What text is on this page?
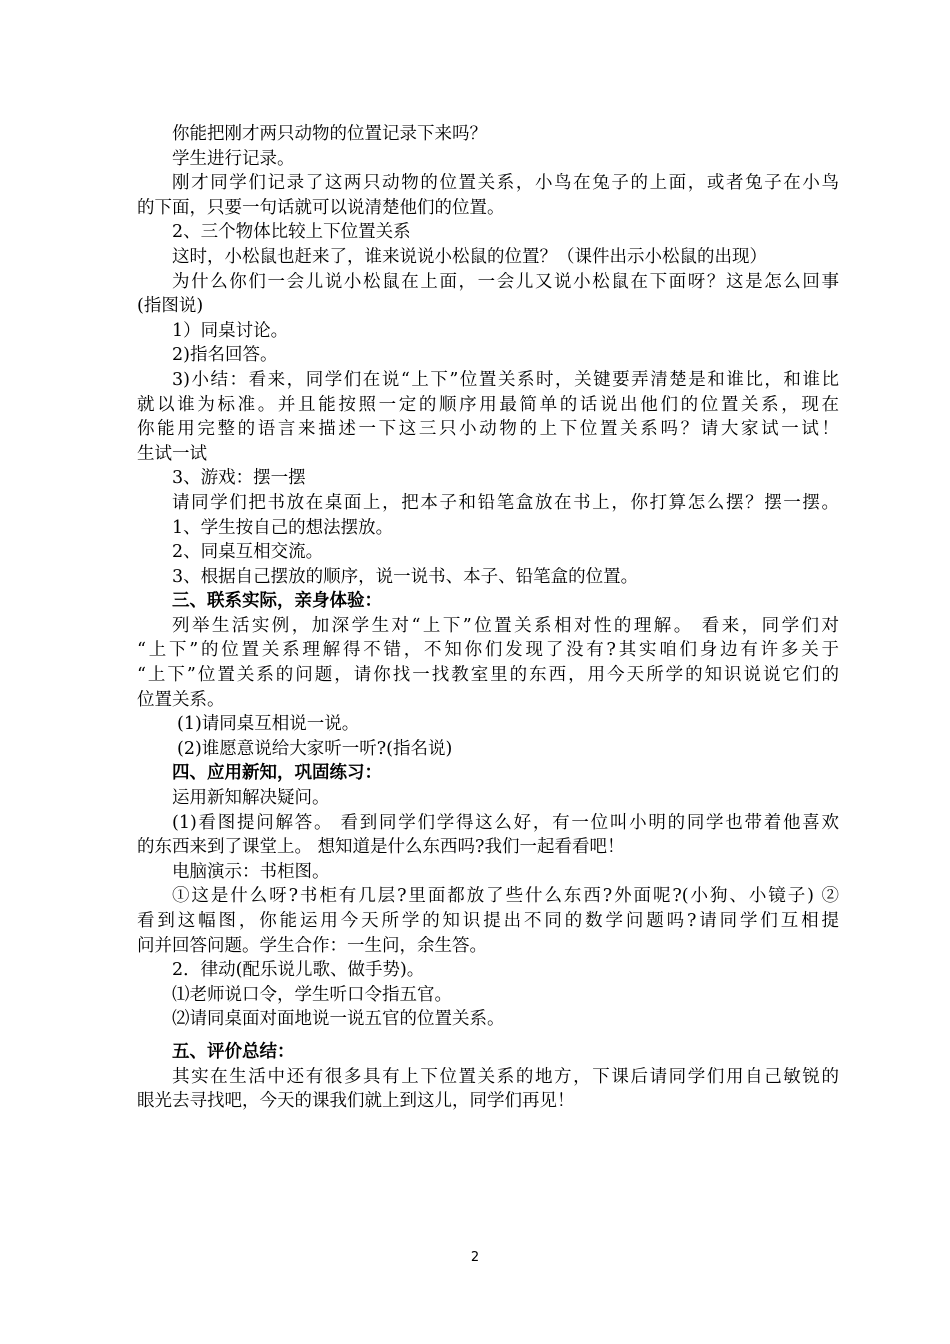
你能把刚才两只动物的位置记录下来吗？

学生进行记录。

刚才同学们记录了这两只动物的位置关系，小鸟在兔子的上面，或者兔子在小鸟

的下面，只要一句话就可以说清楚他们的位置。

2、三个物体比较上下位置关系

这时，小松鼠也赶来了，谁来说说小松鼠的位置？（课件出示小松鼠的出现）

为什么你们一会儿说小松鼠在上面，一会儿又说小松鼠在下面呀？这是怎么回事

(指图说)

1）同桌讨论。

2)指名回答。

3)小结：看来，同学们在说“上下”位置关系时，关键要弄清楚是和谁比，和谁比

就以谁为标准。并且能按照一定的顺序用最简单的话说出他们的位置关系，现在

你能用完整的语言来描述一下这三只小动物的上下位置关系吗？请大家试一试！

生试一试

3、游戏：摆一摆

请同学们把书放在桌面上，把本子和铅笔盒放在书上，你打算怎么摆？摆一摆。

1、学生按自己的想法摆放。

2、同桌互相交流。

3、根据自己摆放的顺序，说一说书、本子、铅笔盒的位置。

三、联系实际，亲身体验：

列举生活实例，加深学生对“上下”位置关系相对性的理解。 看来，同学们对

“上下”的位置关系理解得不错，不知你们发现了没有?其实咱们身边有许多关于

“上下”位置关系的问题，请你找一找教室里的东西，用今天所学的知识说说它们的

位置关系。

(1)请同桌互相说一说。

(2)谁愿意说给大家听一听?(指名说)

四、应用新知，巩固练习：

运用新知解决疑问。

(1)看图提问解答。 看到同学们学得这么好，有一位叫小明的同学也带着他喜欢

的东西来到了课堂上。 想知道是什么东西吗?我们一起看看吧！

电脑演示：书柜图。

①这是什么呀?书柜有几层?里面都放了些什么东西?外面呢?(小狗、小镜子) ②

看到这幅图，你能运用今天所学的知识提出不同的数学问题吗?请同学们互相提

问并回答问题。学生合作：一生问，余生答。

2．律动(配乐说儿歌、做手势)。

⑴老师说口令，学生听口令指五官。

⑵请同桌面对面地说一说五官的位置关系。

五、评价总结：

其实在生活中还有很多具有上下位置关系的地方，下课后请同学们用自己敏锐的

眼光去寻找吧，今天的课我们就上到这儿，同学们再见！

2
